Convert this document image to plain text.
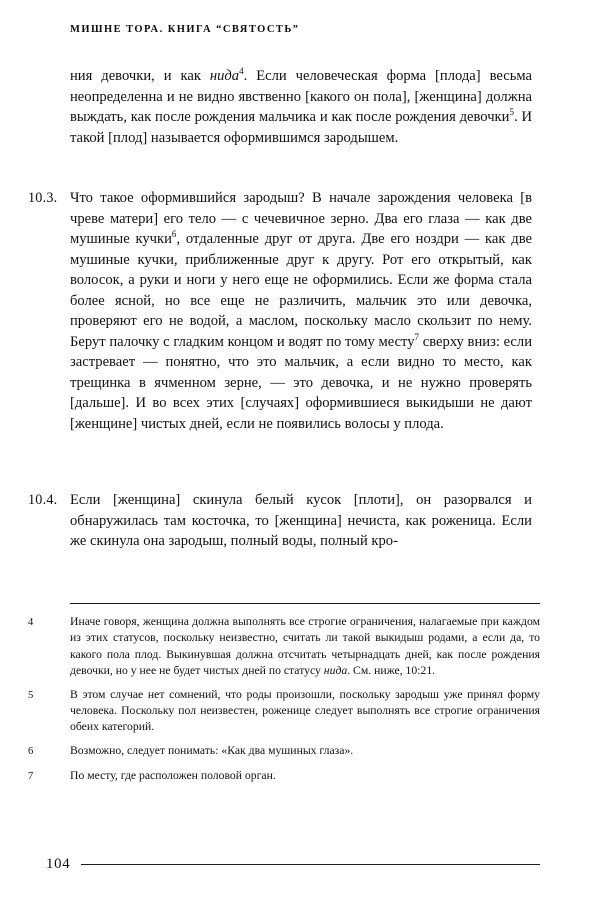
МИШНЕ ТОРА. КНИГА “СВЯТОСТЬ”
ния девочки, и как нида$^4$. Если человеческая форма [плода] весьма неопределенна и не видно явственно [какого он пола], [женщина] должна выждать, как после рождения мальчика и как после рождения девочки$^5$. И такой [плод] называется оформившимся зародышем.
10.3. Что такое оформившийся зародыш? В начале зарождения человека [в чреве матери] его тело — с чечевичное зерно. Два его глаза — как две мушиные кучки$^6$, отдаленные друг от друга. Две его ноздри — как две мушиные кучки, приближенные друг к другу. Рот его открытый, как волосок, а руки и ноги у него еще не оформились. Если же форма стала более ясной, но все еще не различить, мальчик это или девочка, проверяют его не водой, а маслом, поскольку масло скользит по нему. Берут палочку с гладким концом и водят по тому месту$^7$ сверху вниз: если застревает — понятно, что это мальчик, а если видно то место, как трещинка в ячменном зерне, — это девочка, и не нужно проверять [дальше]. И во всех этих [случаях] оформившиеся выкидыши не дают [женщине] чистых дней, если не появились волосы у плода.
10.4. Если [женщина] скинула белый кусок [плоти], он разорвался и обнаружилась там косточка, то [женщина] нечиста, как роженица. Если же скинула она зародыш, полный воды, полный кро-
4	Иначе говоря, женщина должна выполнять все строгие ограничения, налагаемые при каждом из этих статусов, поскольку неизвестно, считать ли такой выкидыш родами, а если да, то какого пола плод. Выкинувшая должна отсчитать четырнадцать дней, как после рождения девочки, но у нее не будет чистых дней по статусу нида. См. ниже, 10:21.
5	В этом случае нет сомнений, что роды произошли, поскольку зародыш уже принял форму человека. Поскольку пол неизвестен, роженице следует выполнять все строгие ограничения обеих категорий.
6	Возможно, следует понимать: «Как два мушиных глаза».
7	По месту, где расположен половой орган.
104
